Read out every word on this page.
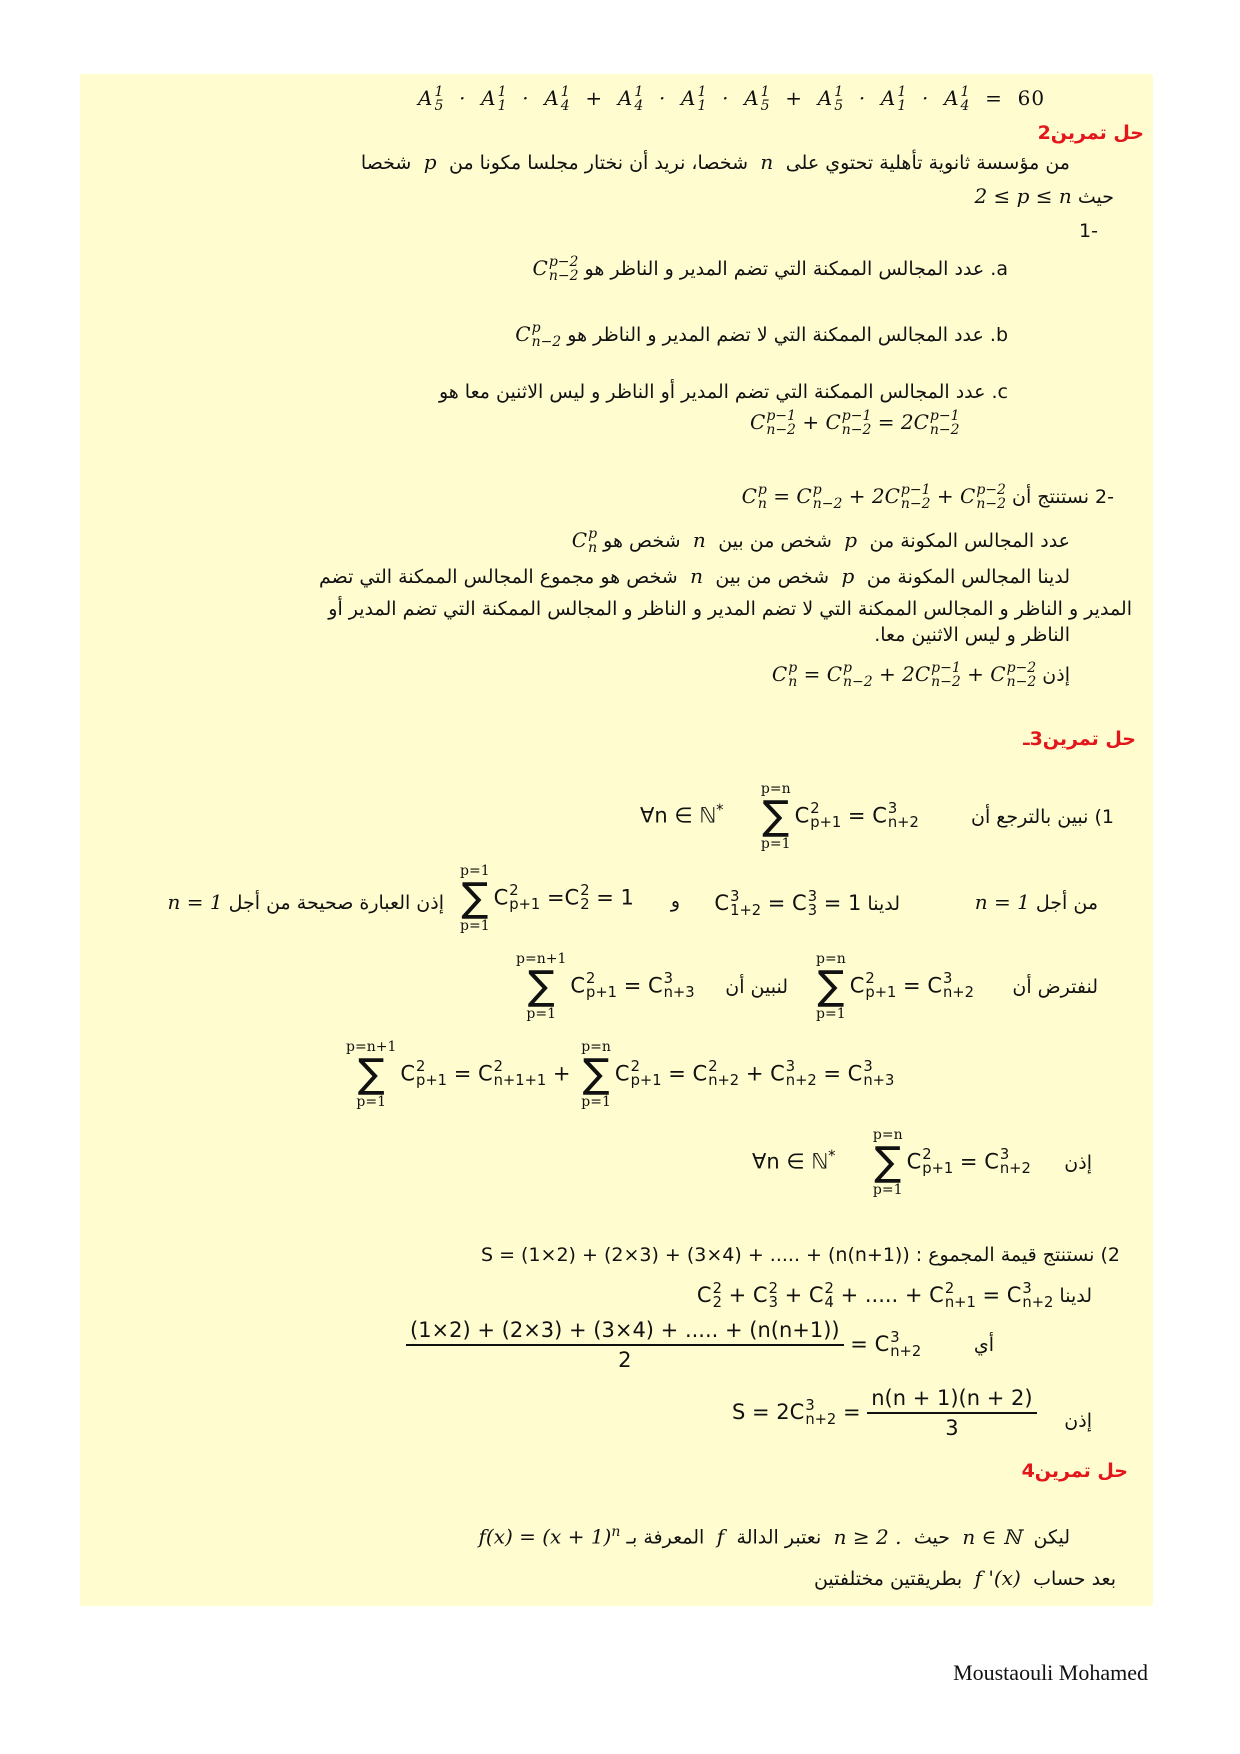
A 1
5 ·  A 1
1 ·  A 1
4 +  A 1
4 ·  A 1
1 ·  A 1
5 +  A 1
5 ·  A 1
1 ·  A 1
4 =  60
حل تمرين2
من مؤسسة ثانوية تأهلية تحتوي على  n  شخصا، نريد أن نختار مجلسا مكونا من  p  شخصا
حيث  2 ≤ p ≤ n
-1
a. عدد المجالس الممكنة التي تضم المدير و الناظر هو  C p−2
n−2
b. عدد المجالس الممكنة التي لا تضم المدير و الناظر هو  C p
n−2
c. عدد المجالس الممكنة التي تضم المدير أو الناظر و ليس الاثنين معا هو
C p−1
n−2 + C p−1
n−2 = 2C p−1
n−2
-2 نستنتج أن  C p
n = C p
n−2 + 2C p−1
n−2 + C p−2
n−2
عدد المجالس المكونة من  p  شخص من بين  n  شخص هو  C p
n
لدينا المجالس المكونة من  p  شخص من بين  n  شخص هو مجموع المجالس الممكنة التي تضم
المدير و الناظر و المجالس الممكنة التي لا تضم المدير و الناظر و المجالس الممكنة التي تضم المدير أو
الناظر و ليس الاثنين معا.
إذن  C p
n = C p
n−2 + 2C p−1
n−2 + C p−2
n−2
حل تمرين3ـ
1) نبين بالترجع أن
∀n ∈ ℕ*
p=n
∑
p=1
C 2
p+1 = C 3
n+2
من أجل  n = 1
لدينا  C 3
1+2 = C 3
3 = 1
و
p=1
∑
p=1
C 2
p+1 =C 2
2 = 1
إذن العبارة صحيحة من أجل  n = 1
لنفترض أن
p=n
∑
p=1
C 2
p+1 = C 3
n+2
لنبين أن
p=n+1
∑
p=1
C 2
p+1 = C 3
n+3
p=n+1
∑
p=1
C 2
p+1 = C 2
n+1+1 +
p=n
∑
p=1
C 2
p+1 = C 2
n+2 + C 3
n+2 = C 3
n+3
إذن
∀n ∈ ℕ*
p=n
∑
p=1
C 2
p+1 = C 3
n+2
2) نستنتج قيمة المجموع : S = (1×2) + (2×3) + (3×4) + ..... + (n(n+1))
لدينا  C 2
2 + C 2
3 + C 2
4 + ..... + C 2
n+1 = C 3
n+2
أي
$\frac{(1\times 2) + (2\times 3) + (3\times 4) + ..... + (n(n+1))}{2} = C$ 3
n+2
إذن
S = 2C 3
$n+2 = \frac{n(n + 1)(n + 2)}{3}$
حل تمرين4
ليكن  n ∈ ℕ  حيث  n ≥ 2 .  نعتبر الدالة  f  المعرفة بـ  $f(x) = (x + 1)^n$
بعد حساب  f '(x)  بطريقتين مختلفتين
Moustaouli Mohamed
